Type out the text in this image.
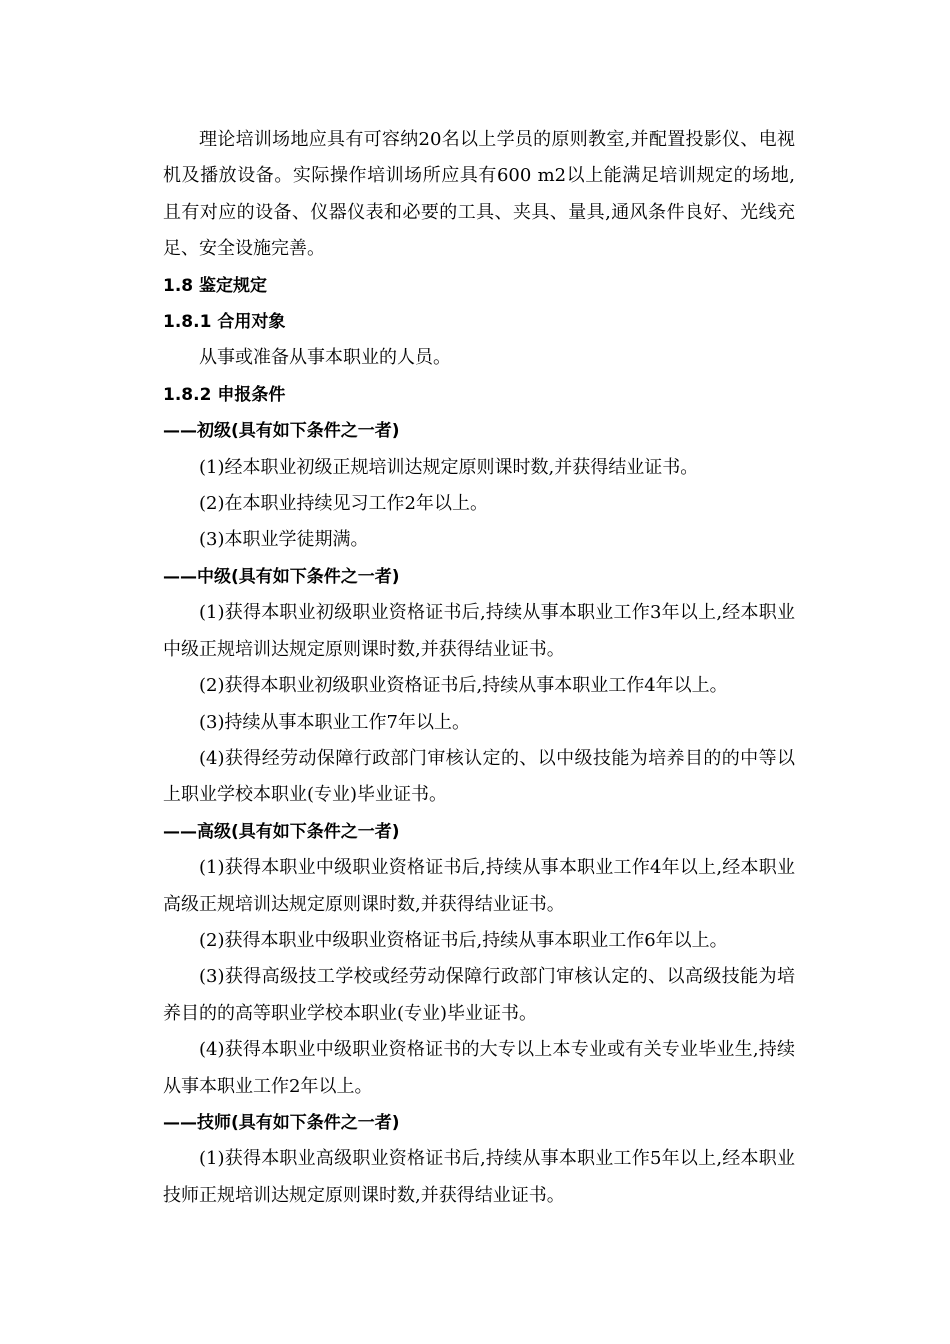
理论培训场地应具有可容纳20名以上学员的原则教室,并配置投影仪、电视机及播放设备。实际操作培训场所应具有600 m2以上能满足培训规定的场地,且有对应的设备、仪器仪表和必要的工具、夹具、量具,通风条件良好、光线充足、安全设施完善。

1.8 鉴定规定

1.8.1 合用对象

从事或准备从事本职业的人员。

1.8.2 申报条件

——初级(具有如下条件之一者)

(1)经本职业初级正规培训达规定原则课时数,并获得结业证书。

(2)在本职业持续见习工作2年以上。

(3)本职业学徒期满。

——中级(具有如下条件之一者)

(1)获得本职业初级职业资格证书后,持续从事本职业工作3年以上,经本职业中级正规培训达规定原则课时数,并获得结业证书。

(2)获得本职业初级职业资格证书后,持续从事本职业工作4年以上。

(3)持续从事本职业工作7年以上。

(4)获得经劳动保障行政部门审核认定的、以中级技能为培养目的的中等以上职业学校本职业(专业)毕业证书。

——高级(具有如下条件之一者)

(1)获得本职业中级职业资格证书后,持续从事本职业工作4年以上,经本职业高级正规培训达规定原则课时数,并获得结业证书。

(2)获得本职业中级职业资格证书后,持续从事本职业工作6年以上。

(3)获得高级技工学校或经劳动保障行政部门审核认定的、以高级技能为培养目的的高等职业学校本职业(专业)毕业证书。

(4)获得本职业中级职业资格证书的大专以上本专业或有关专业毕业生,持续从事本职业工作2年以上。

——技师(具有如下条件之一者)

(1)获得本职业高级职业资格证书后,持续从事本职业工作5年以上,经本职业技师正规培训达规定原则课时数,并获得结业证书。
